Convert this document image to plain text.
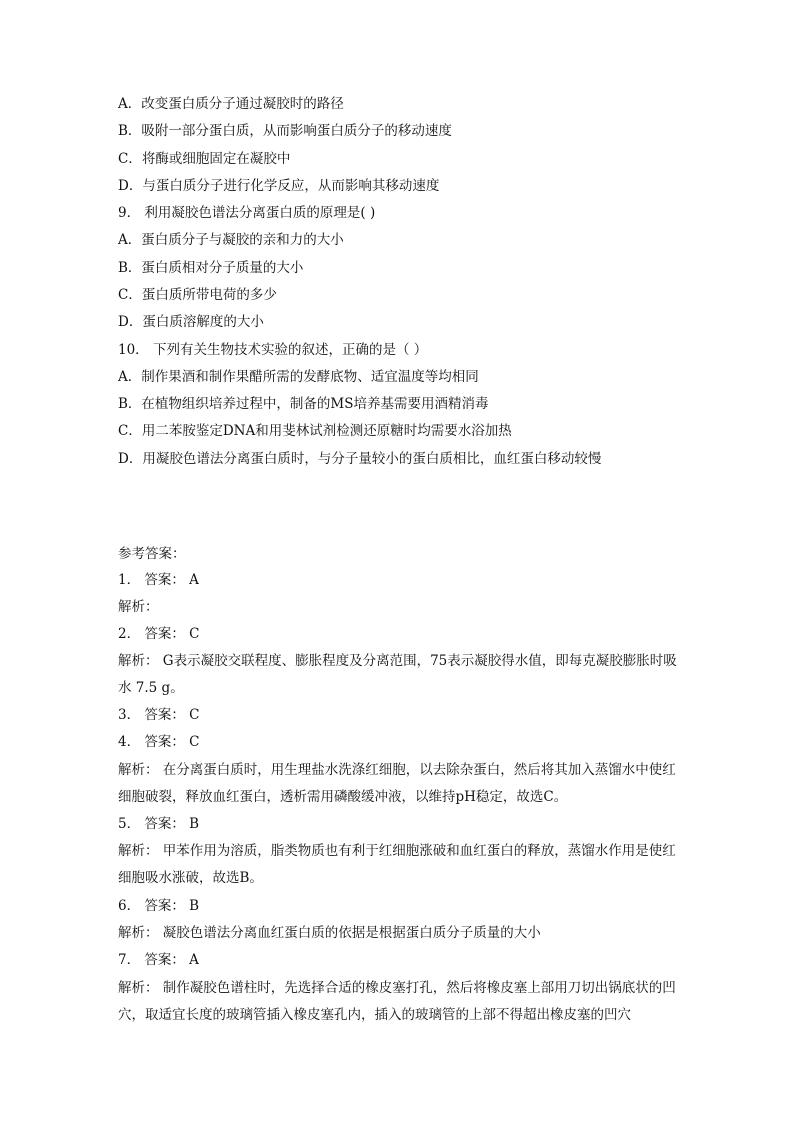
A．改变蛋白质分子通过凝胶时的路径
B．吸附一部分蛋白质，从而影响蛋白质分子的移动速度
C．将酶或细胞固定在凝胶中
D．与蛋白质分子进行化学反应，从而影响其移动速度
9． 利用凝胶色谱法分离蛋白质的原理是( )
A．蛋白质分子与凝胶的亲和力的大小
B．蛋白质相对分子质量的大小
C．蛋白质所带电荷的多少
D．蛋白质溶解度的大小
10． 下列有关生物技术实验的叙述，正确的是（ ）
A．制作果酒和制作果醋所需的发酵底物、适宜温度等均相同
B．在植物组织培养过程中，制备的MS培养基需要用酒精消毒
C．用二苯胺鉴定DNA和用斐林试剂检测还原糖时均需要水浴加热
D．用凝胶色谱法分离蛋白质时，与分子量较小的蛋白质相比，血红蛋白移动较慢
参考答案：
1． 答案： A
解析：
2． 答案： C
解析： G表示凝胶交联程度、膨胀程度及分离范围，75表示凝胶得水值，即每克凝胶膨胀时吸水 7.5 g。
3． 答案： C
4． 答案： C
解析： 在分离蛋白质时，用生理盐水洗涤红细胞，以去除杂蛋白，然后将其加入蒸馏水中使红细胞破裂，释放血红蛋白，透析需用磷酸缓冲液，以维持pH稳定，故选C。
5． 答案： B
解析： 甲苯作用为溶质，脂类物质也有利于红细胞涨破和血红蛋白的释放，蒸馏水作用是使红细胞吸水涨破，故选B。
6． 答案： B
解析： 凝胶色谱法分离血红蛋白质的依据是根据蛋白质分子质量的大小
7． 答案： A
解析： 制作凝胶色谱柱时，先选择合适的橡皮塞打孔，然后将橡皮塞上部用刀切出锅底状的凹穴，取适宜长度的玻璃管插入橡皮塞孔内，插入的玻璃管的上部不得超出橡皮塞的凹穴
